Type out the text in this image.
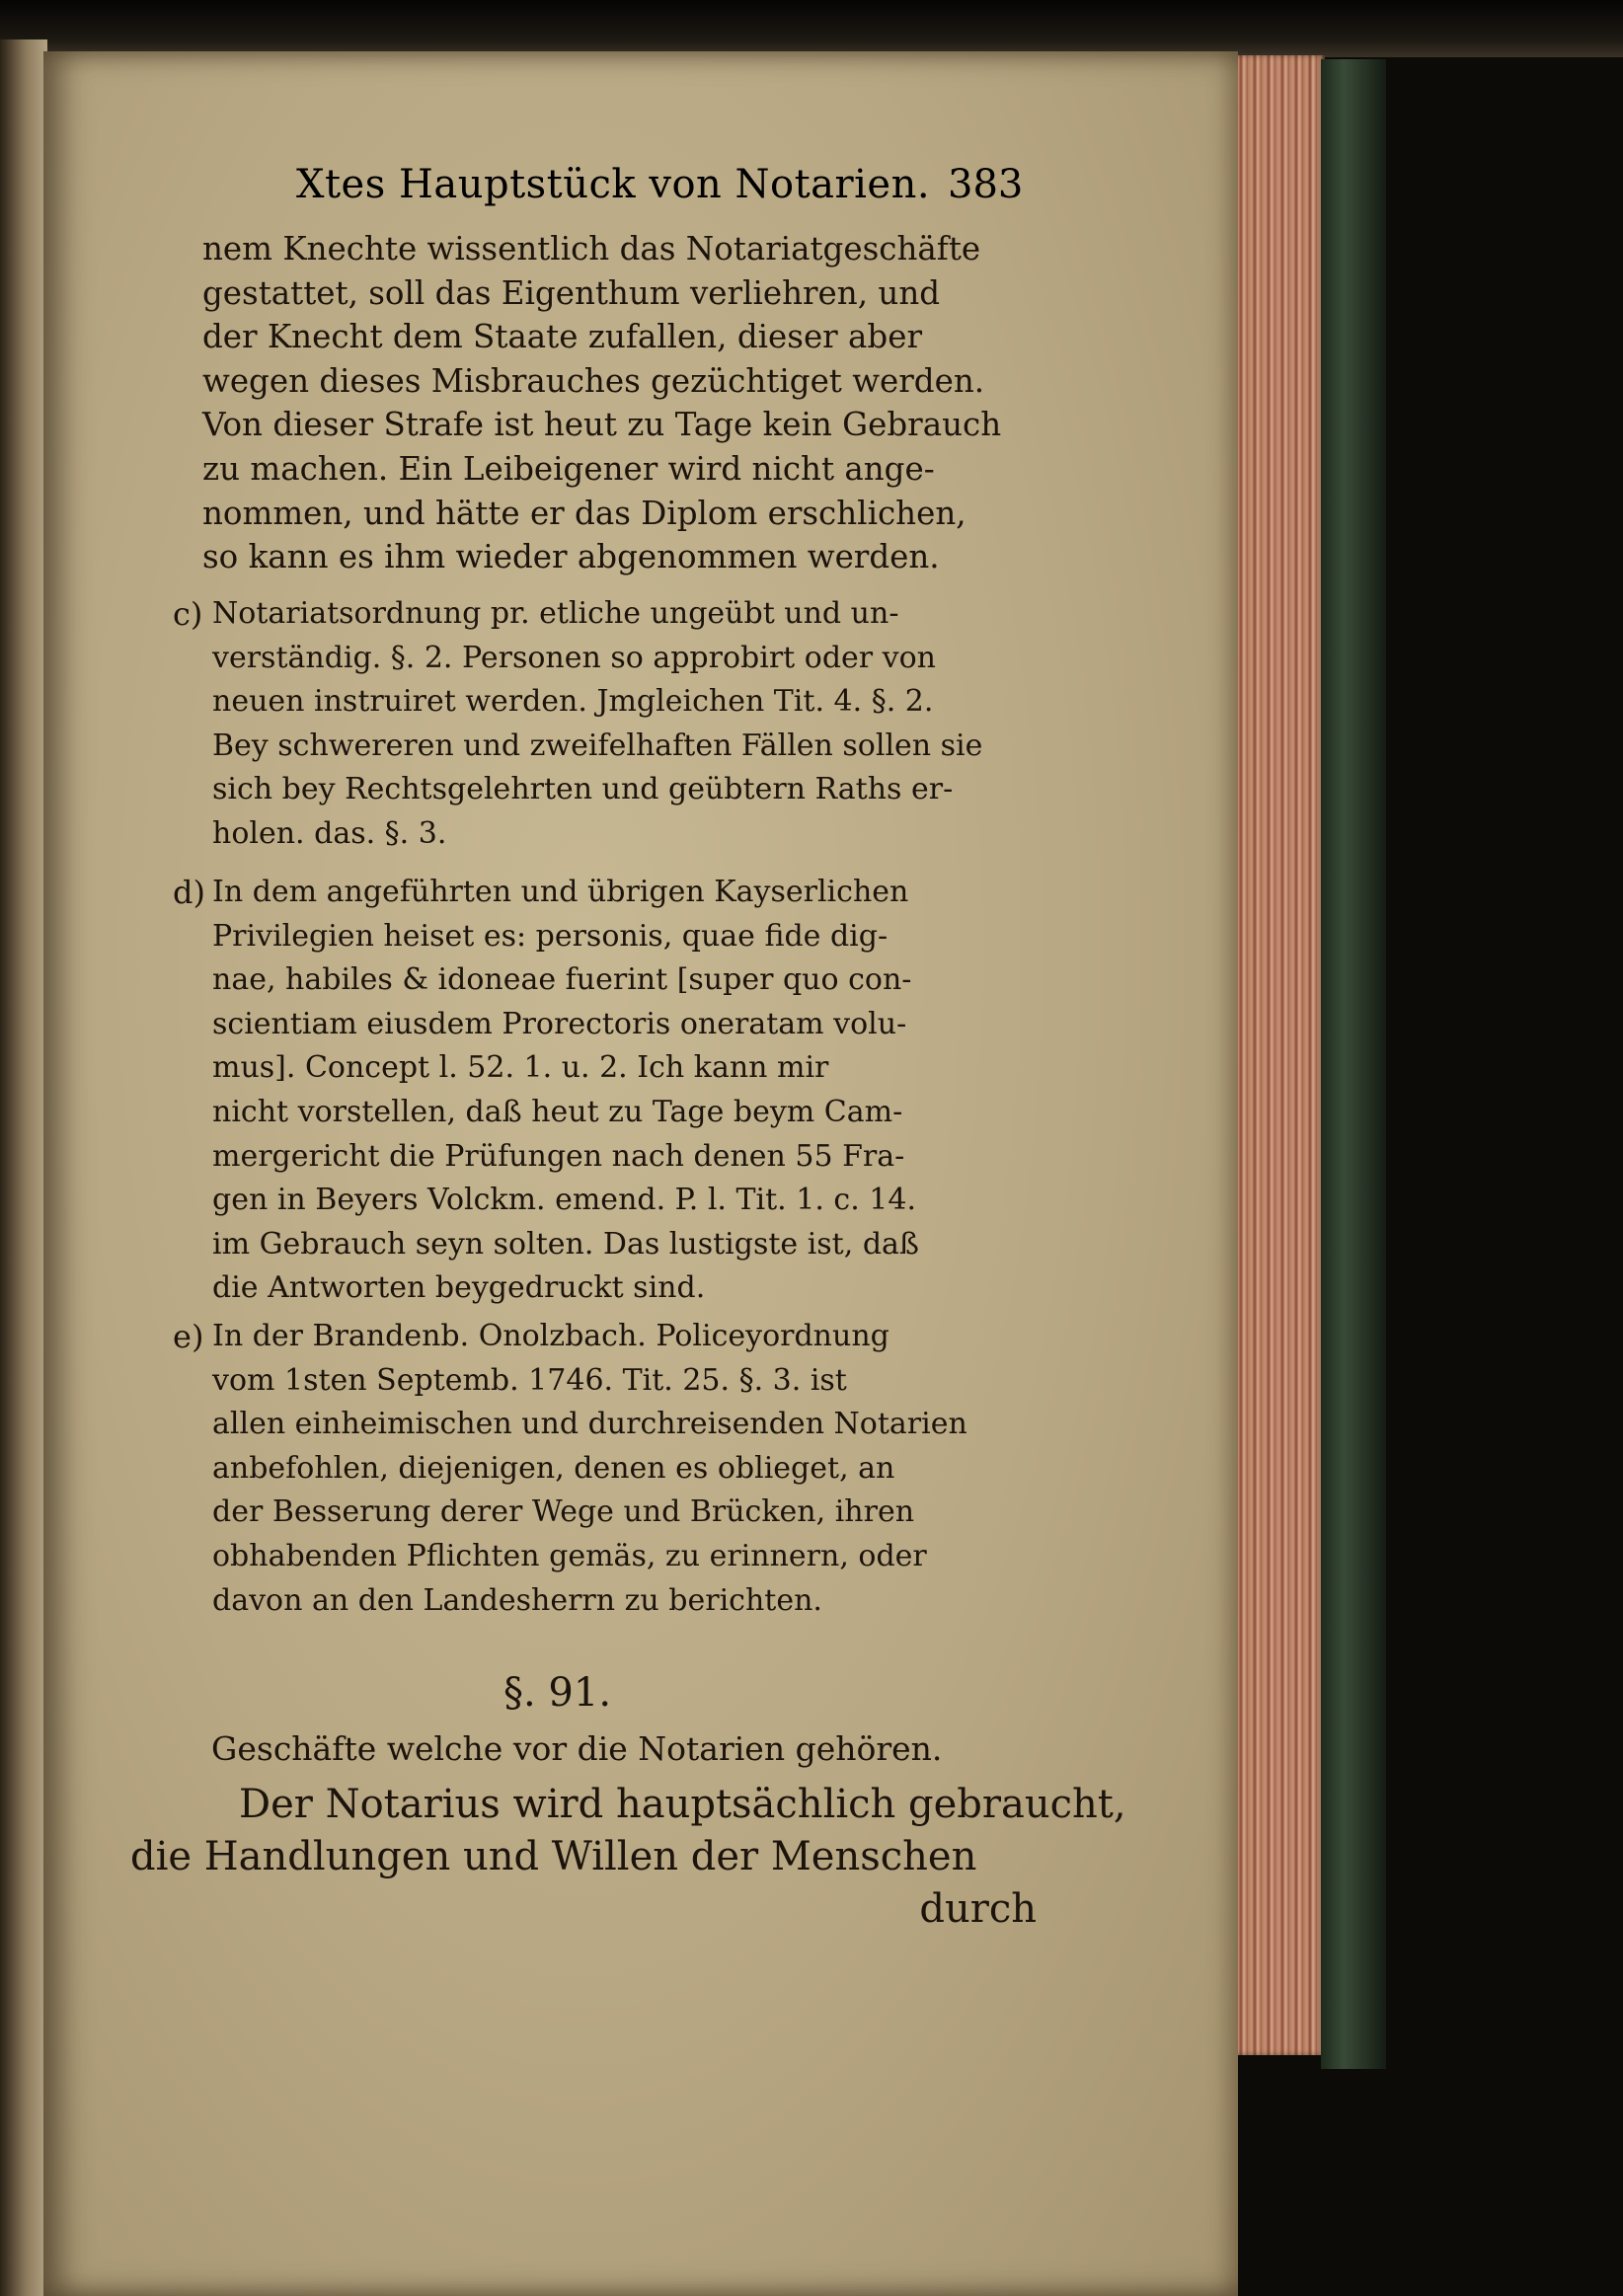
Xtes Hauptstück von Notarien. 383
nem Knechte wissentlich das Notariatgeschäfte
gestattet, soll das Eigenthum verliehren, und
der Knecht dem Staate zufallen, dieser aber
wegen dieses Misbrauches gezüchtiget werden.
Von dieser Strafe ist heut zu Tage kein Gebrauch
zu machen. Ein Leibeigener wird nicht ange-
nommen, und hätte er das Diplom erschlichen,
so kann es ihm wieder abgenommen werden.
c) Notariatsordnung pr. etliche ungeübt und un-
verständig. §. 2. Personen so approbirt oder von
neuen instruiret werden. Jmgleichen Tit. 4. §. 2.
Bey schwereren und zweifelhaften Fällen sollen sie
sich bey Rechtsgelehrten und geübtern Raths er-
holen. das. §. 3.
d) In dem angeführten und übrigen Kayserlichen
Privilegien heiset es: personis, quae fide dig-
nae, habiles & idoneae fuerint [super quo con-
scientiam eiusdem Prorectoris oneratam volu-
mus]. Concept l. 52. 1. u. 2. Ich kann mir
nicht vorstellen, daß heut zu Tage beym Cam-
mergericht die Prüfungen nach denen 55 Fra-
gen in Beyers Volckm. emend. P. l. Tit. 1. c. 14.
im Gebrauch seyn solten. Das lustigste ist, daß
die Antworten beygedruckt sind.
e) In der Brandenb. Onolzbach. Policeyordnung
vom 1sten Septemb. 1746. Tit. 25. §. 3. ist
allen einheimischen und durchreisenden Notarien
anbefohlen, diejenigen, denen es oblieget, an
der Besserung derer Wege und Brücken, ihren
obhabenden Pflichten gemäs, zu erinnern, oder
davon an den Landesherrn zu berichten.
§. 91.
Geschäfte welche vor die Notarien gehören.
Der Notarius wird hauptsächlich gebraucht,
die Handlungen und Willen der Menschen
durch
